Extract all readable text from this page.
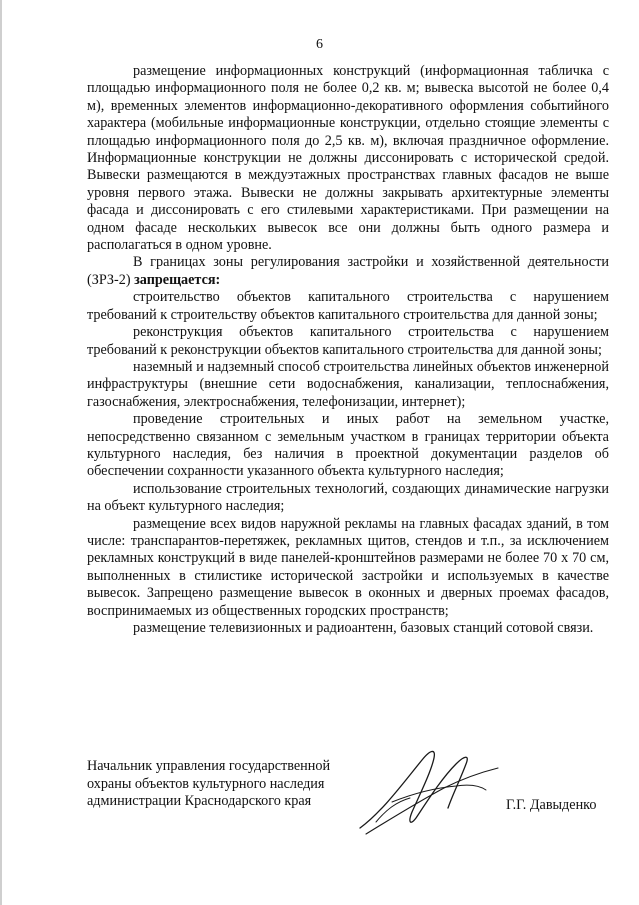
6

размещение информационных конструкций (информационная табличка с площадью информационного поля не более 0,2 кв. м; вывеска высотой не более 0,4 м), временных элементов информационно-декоративного оформления событийного характера (мобильные информационные конструкции, отдельно стоящие элементы с площадью информационного поля до 2,5 кв. м), включая праздничное оформление. Информационные конструкции не должны диссонировать с исторической средой. Вывески размещаются в междуэтажных пространствах главных фасадов не выше уровня первого этажа. Вывески не должны закрывать архитектурные элементы фасада и диссонировать с его стилевыми характеристиками. При размещении на одном фасаде нескольких вывесок все они должны быть одного размера и располагаться в одном уровне.

В границах зоны регулирования застройки и хозяйственной деятельности (ЗРЗ-2) запрещается:

строительство объектов капитального строительства с нарушением требований к строительству объектов капитального строительства для данной зоны;

реконструкция объектов капитального строительства с нарушением требований к реконструкции объектов капитального строительства для данной зоны;

наземный и надземный способ строительства линейных объектов инженерной инфраструктуры (внешние сети водоснабжения, канализации, теплоснабжения, газоснабжения, электроснабжения, телефонизации, интернет);

проведение строительных и иных работ на земельном участке, непосредственно связанном с земельным участком в границах территории объекта культурного наследия, без наличия в проектной документации разделов об обеспечении сохранности указанного объекта культурного наследия;

использование строительных технологий, создающих динамические нагрузки на объект культурного наследия;

размещение всех видов наружной рекламы на главных фасадах зданий, в том числе: транспарантов-перетяжек, рекламных щитов, стендов и т.п., за исключением рекламных конструкций в виде панелей-кронштейнов размерами не более 70 х 70 см, выполненных в стилистике исторической застройки и используемых в качестве вывесок. Запрещено размещение вывесок в оконных и дверных проемах фасадов, воспринимаемых из общественных городских пространств;

размещение телевизионных и радиоантенн, базовых станций сотовой связи.

Начальник управления государственной
охраны объектов культурного наследия
администрации Краснодарского края	Г.Г. Давыденко
